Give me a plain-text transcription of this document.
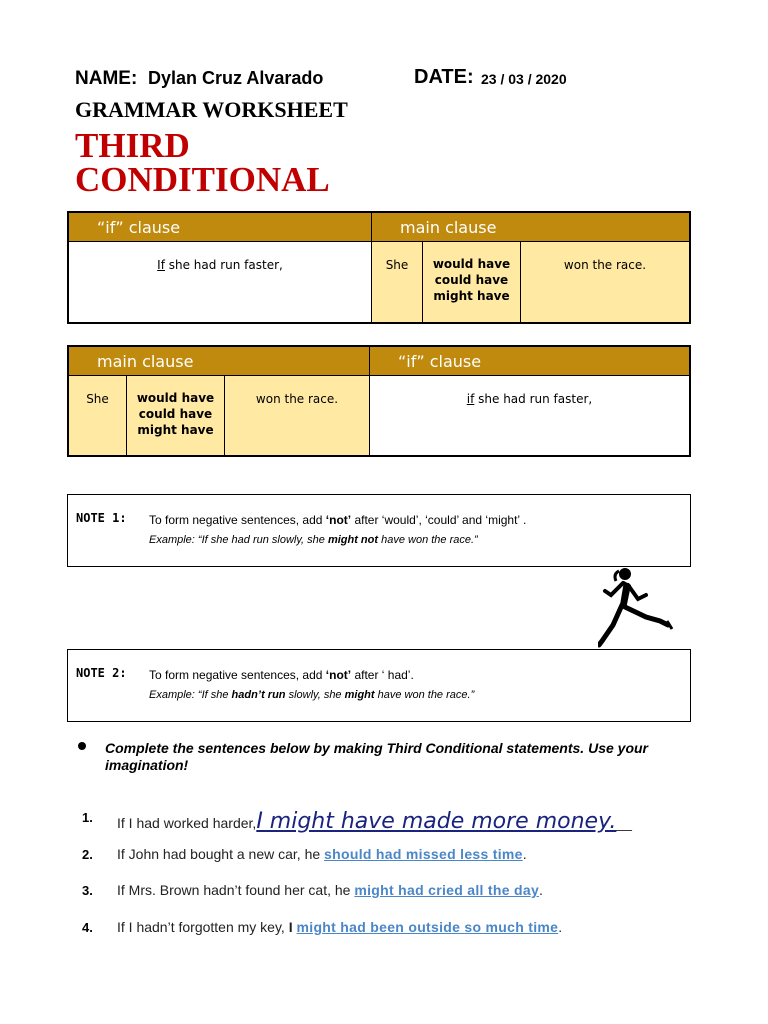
NAME: Dylan Cruz Alvarado	DATE: 23 / 03 / 2020
GRAMMAR WORKSHEET
THIRD
CONDITIONAL
“if” clause	main clause		
If she had run faster,	She	would have
could have
might have	won the race.
main clause			“if” clause
She	would have
could have
might have	won the race.	if she had run faster,
NOTE 1: To form negative sentences, add ‘not’ after ‘would’, ‘could’ and ‘might’ .
Example: “If she had run slowly, she might not have won the race.”
NOTE 2: To form negative sentences, add ‘not’ after ‘ had’.
Example: “If she hadn’t run slowly, she might have won the race.”
Complete the sentences below by making Third Conditional statements. Use your imagination!
1. If I had worked harder,I might have made more money.__
2. If John had bought a new car, he should had missed less time.
3. If Mrs. Brown hadn’t found her cat, he might had cried all the day.
4. If I hadn’t forgotten my key, I might had been outside so much time.
